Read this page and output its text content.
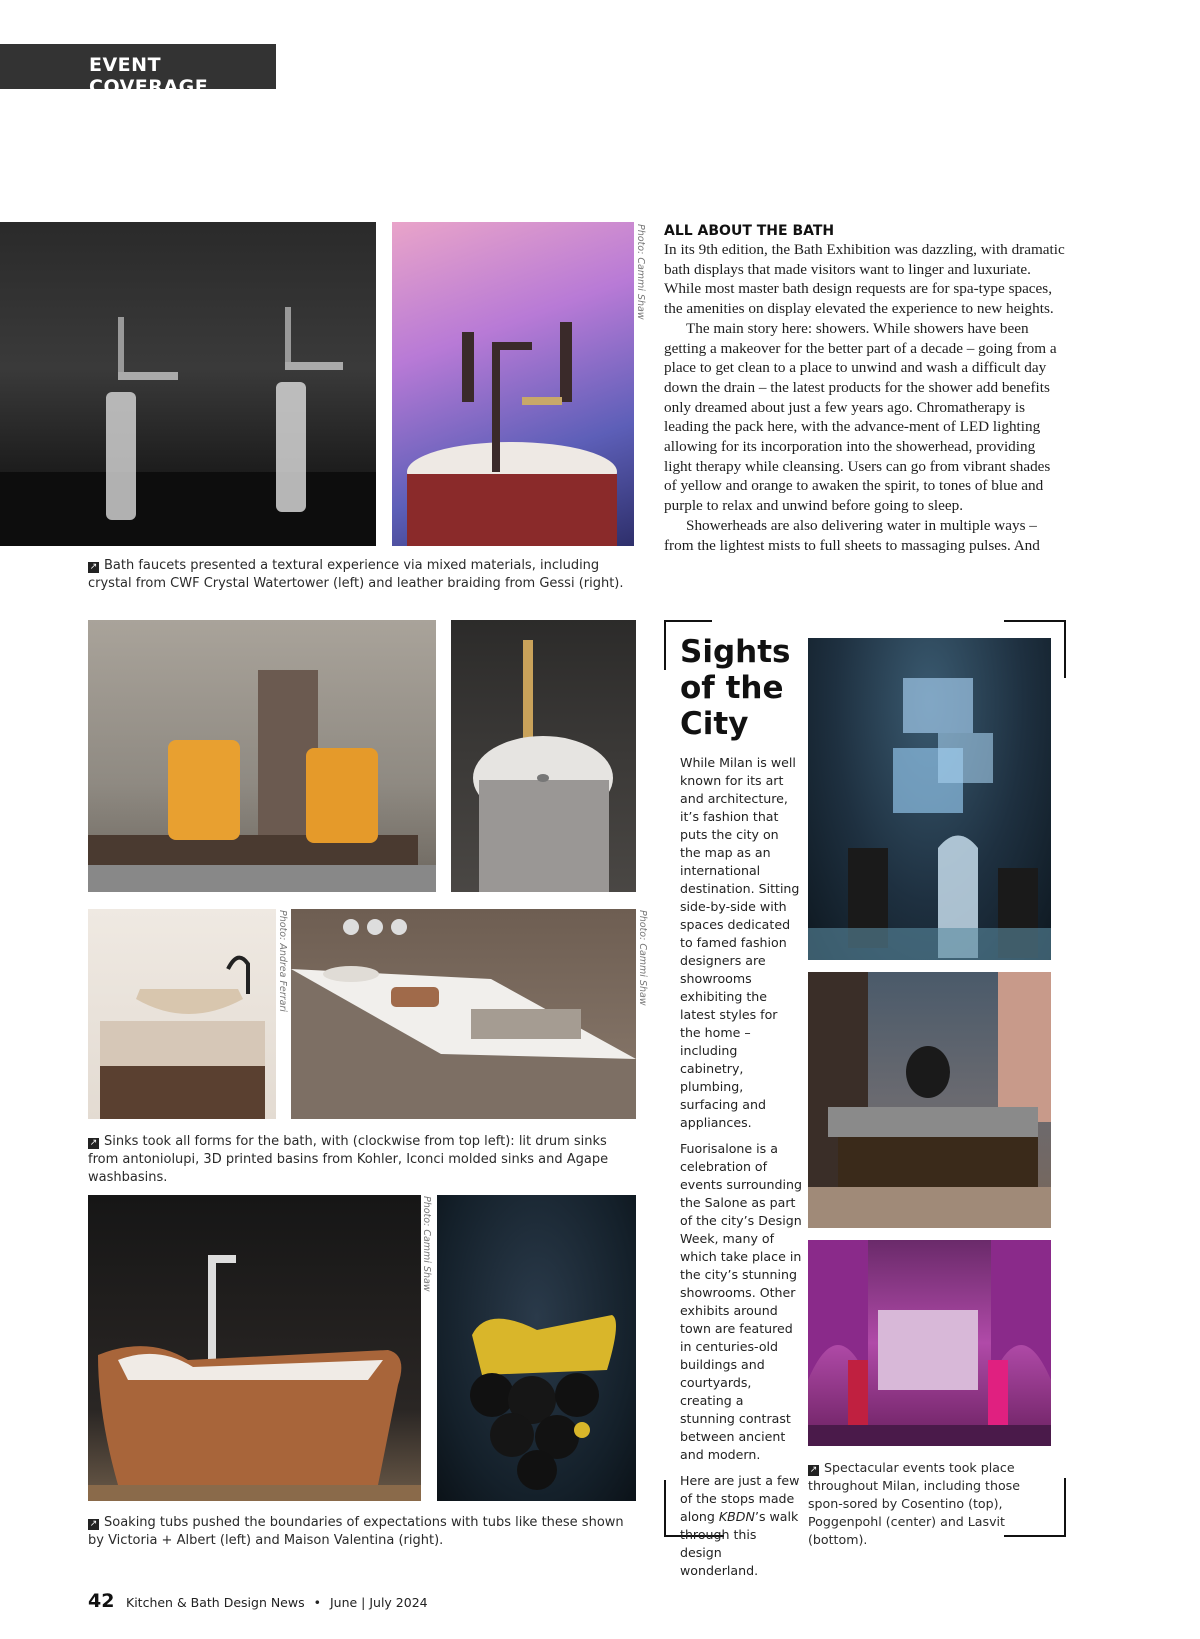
EVENT COVERAGE
Photo: Cammi Shaw
↗ Bath faucets presented a textural experience via mixed materials, including crystal from CWF Crystal Watertower (left) and leather braiding from Gessi (right).
Photo: Andrea Ferrari	Photo: Cammi Shaw
↗ Sinks took all forms for the bath, with (clockwise from top left): lit drum sinks from antoniolupi, 3D printed basins from Kohler, Iconci molded sinks and Agape washbasins.
Photo: Cammi Shaw
↗ Soaking tubs pushed the boundaries of expectations with tubs like these shown by Victoria + Albert (left) and Maison Valentina (right).
ALL ABOUT THE BATH

In its 9th edition, the Bath Exhibition was dazzling, with dramatic bath displays that made visitors want to linger and luxuriate. While most master bath design requests are for spa-type spaces, the amenities on display elevated the experience to new heights.

The main story here: showers. While showers have been getting a makeover for the better part of a decade – going from a place to get clean to a place to unwind and wash a difficult day down the drain – the latest products for the shower add benefits only dreamed about just a few years ago. Chromatherapy is leading the pack here, with the advance-ment of LED lighting allowing for its incorporation into the showerhead, providing light therapy while cleansing. Users can go from vibrant shades of yellow and orange to awaken the spirit, to tones of blue and purple to relax and unwind before going to sleep.

Showerheads are also delivering water in multiple ways – from the lightest mists to full sheets to massaging pulses. And

Sights
of the
City

While Milan is well known for its art and architecture, it’s fashion that puts the city on the map as an international destination. Sitting side-by-side with spaces dedicated to famed fashion designers are showrooms exhibiting the latest styles for the home – including cabinetry, plumbing, surfacing and appliances.

Fuorisalone is a celebration of events surrounding the Salone as part of the city’s Design Week, many of which take place in the city’s stunning showrooms. Other exhibits around town are featured in centuries-old buildings and courtyards, creating a stunning contrast between ancient and modern.

Here are just a few of the stops made along KBDN’s walk through this design wonderland.

↗ Spectacular events took place throughout Milan, including those spon-sored by Cosentino (top), Poggenpohl (center) and Lasvit (bottom).
42 Kitchen & Bath Design News • June | July 2024
